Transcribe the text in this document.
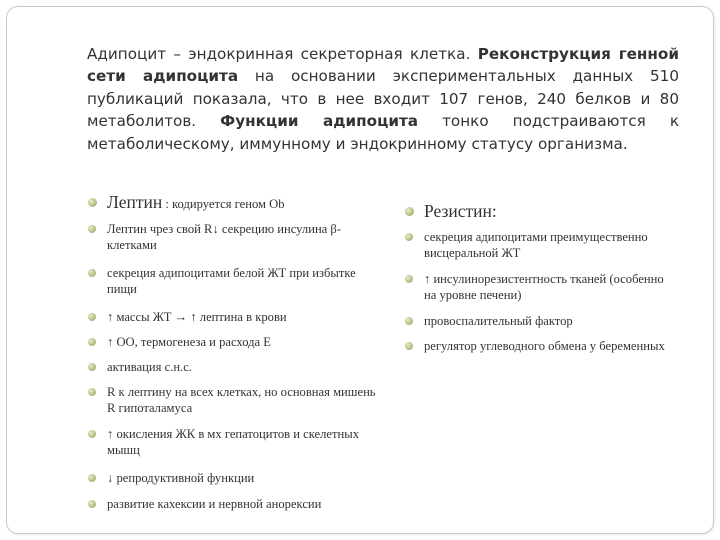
Адипоцит – эндокринная секреторная клетка. Реконструкция генной сети адипоцита на основании экспериментальных данных 510 публикаций показала, что в нее входит 107 генов, 240 белков и 80 метаболитов. Функции адипоцита тонко подстраиваются к метаболическому, иммунному и эндокринному статусу организма.

Лептин : кодируется геном Ob
Лептин чрез свой R↓ секрецию инсулина β-клетками
секреция адипоцитами белой ЖТ при избытке пищи
↑ массы ЖТ → ↑ лептина в крови
↑ ОО, термогенеза и расхода Е
активация с.н.с.
R к лептину на всех клетках, но основная мишень R гипоталамуса
↑ окисления ЖК в мх гепатоцитов и скелетных мышц
↓ репродуктивной функции
развитие кахексии и нервной анорексии
Резистин:
секреция адипоцитами преимущественно висцеральной ЖТ
↑ инсулинорезистентность тканей (особенно на уровне печени)
провоспалительный фактор
регулятор углеводного обмена у беременных
